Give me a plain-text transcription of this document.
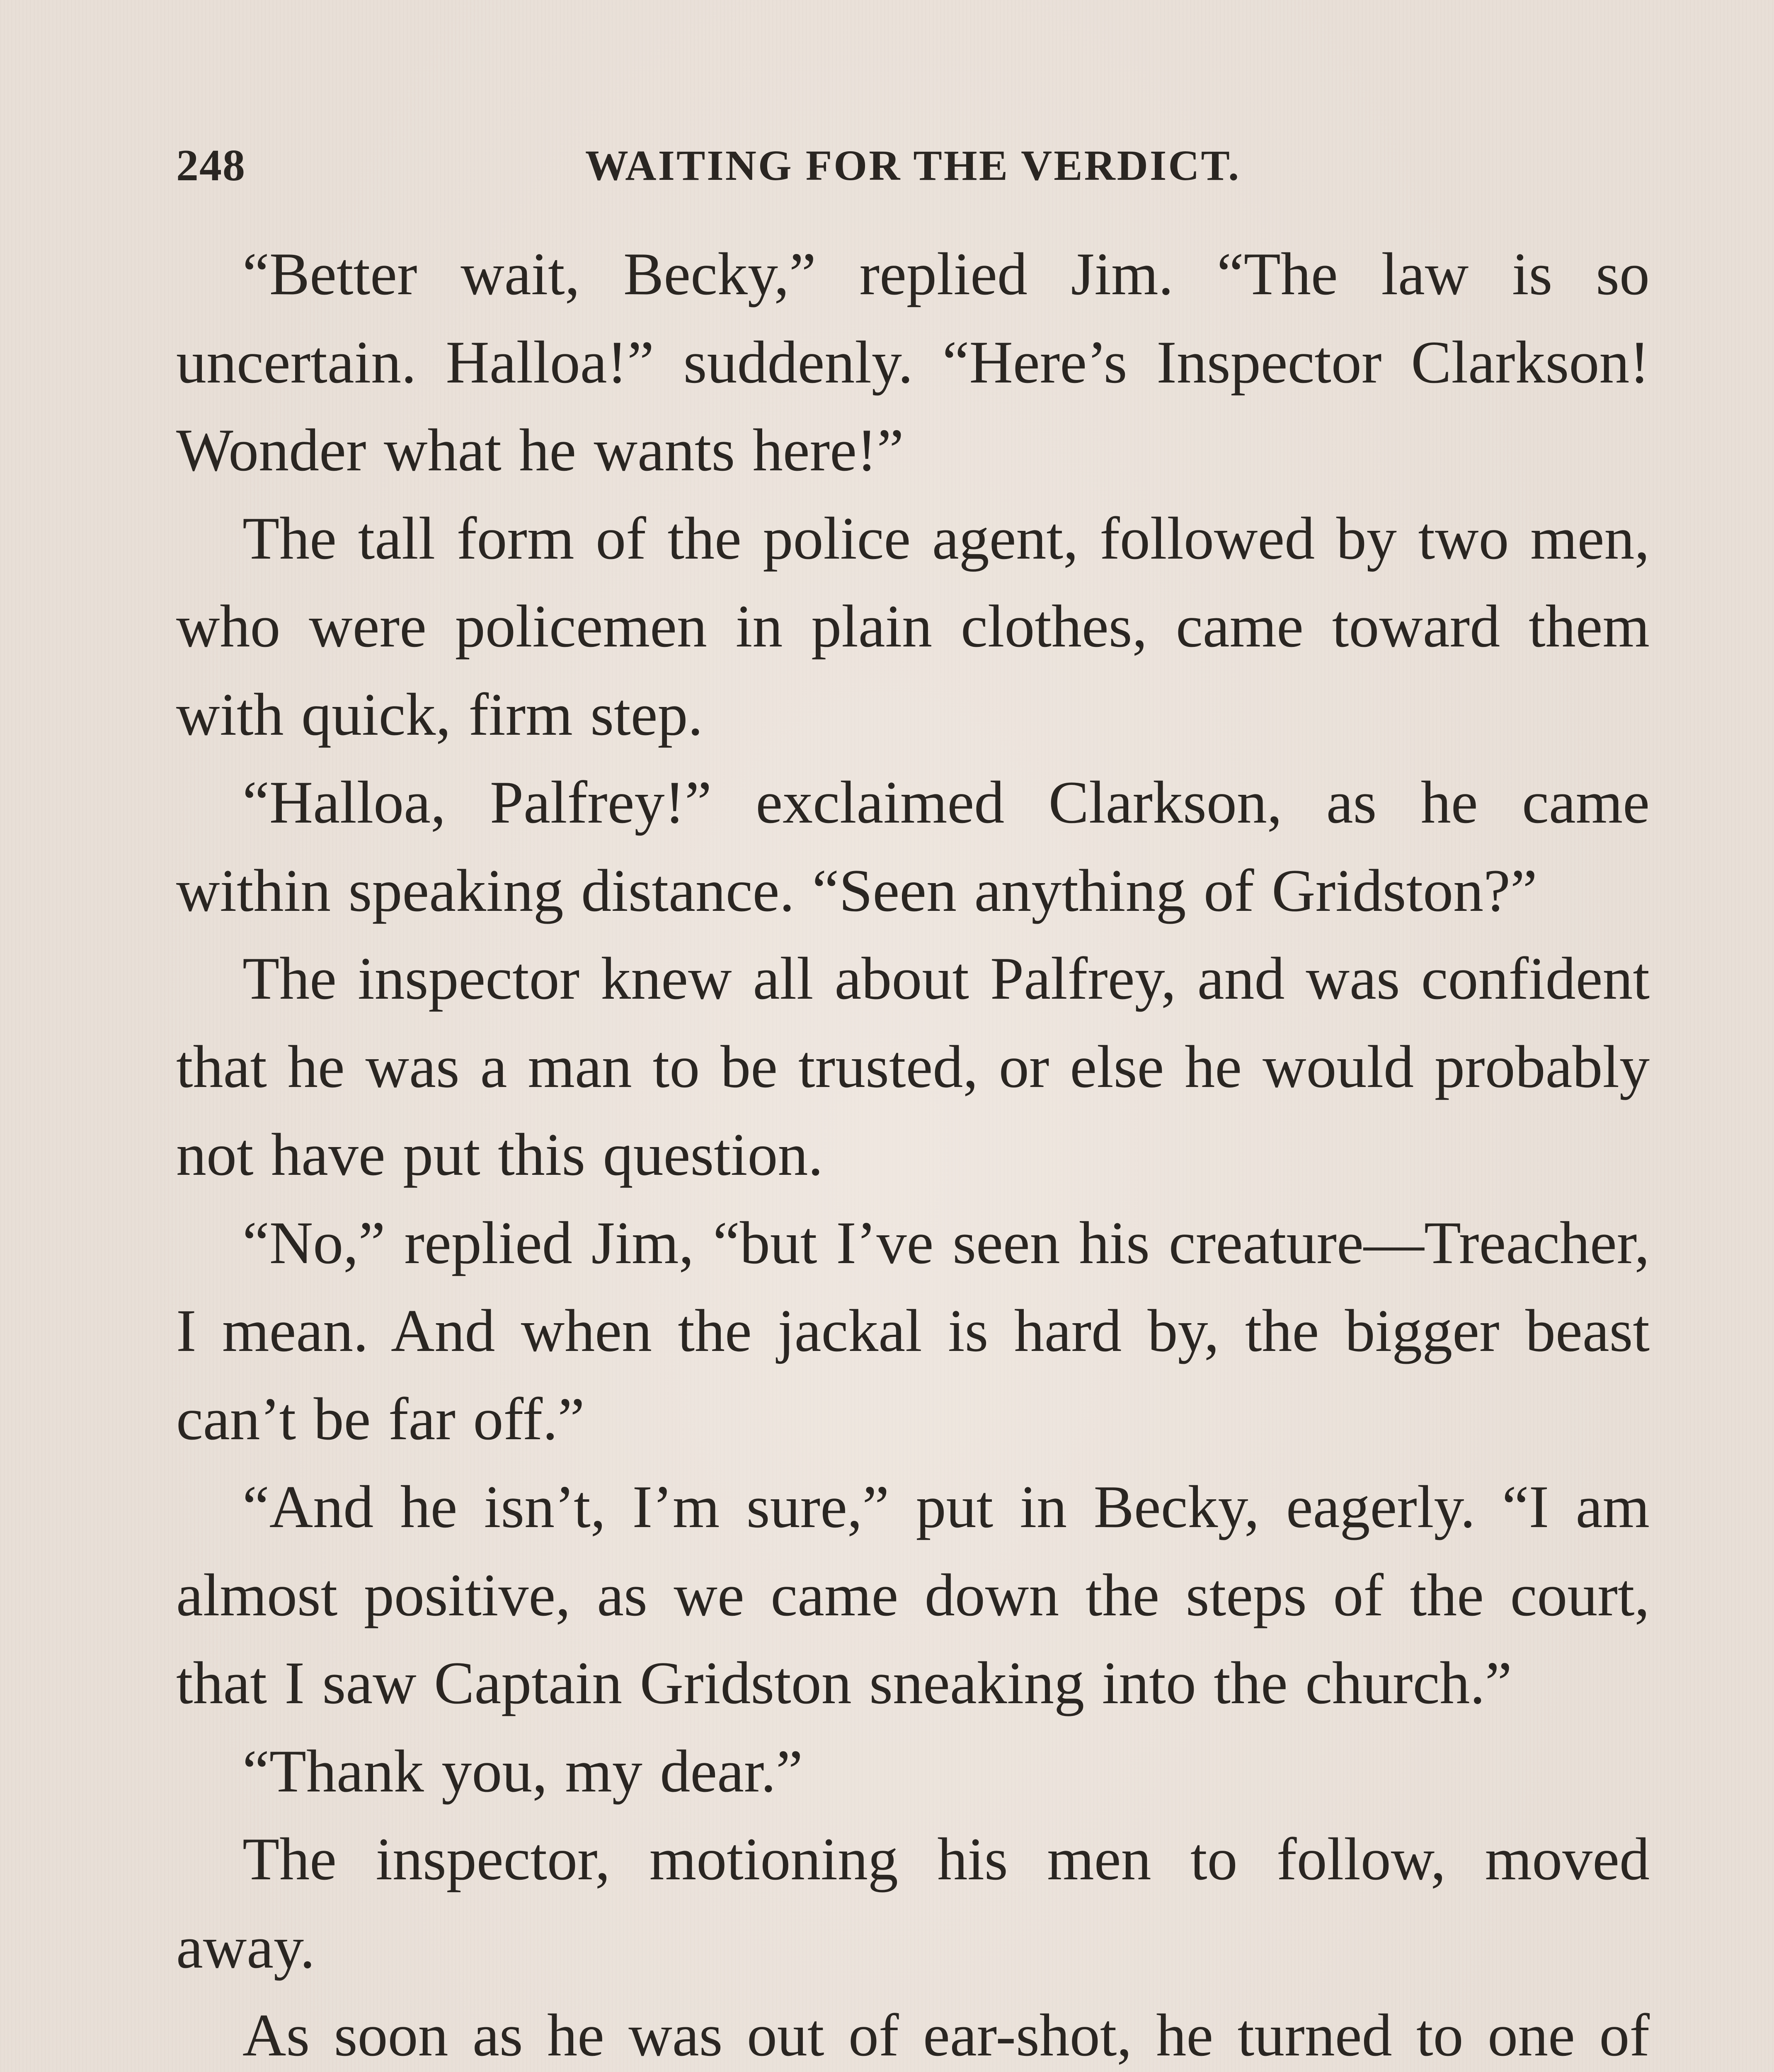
248	WAITING FOR THE VERDICT.

“Better wait, Becky,” replied Jim. “The law is so uncertain. Halloa!” suddenly. “Here’s Inspector Clarkson! Wonder what he wants here!”

The tall form of the police agent, followed by two men, who were policemen in plain clothes, came toward them with quick, firm step.

“Halloa, Palfrey!” exclaimed Clarkson, as he came within speaking distance. “Seen anything of Gridston?”

The inspector knew all about Palfrey, and was confident that he was a man to be trusted, or else he would probably not have put this question.

“No,” replied Jim, “but I’ve seen his creature—Treacher, I mean. And when the jackal is hard by, the bigger beast can’t be far off.”

“And he isn’t, I’m sure,” put in Becky, eagerly. “I am almost positive, as we came down the steps of the court, that I saw Captain Gridston sneaking into the church.”

“Thank you, my dear.”

The inspector, motioning his men to follow, moved away.

As soon as he was out of ear-shot, he turned to one of
